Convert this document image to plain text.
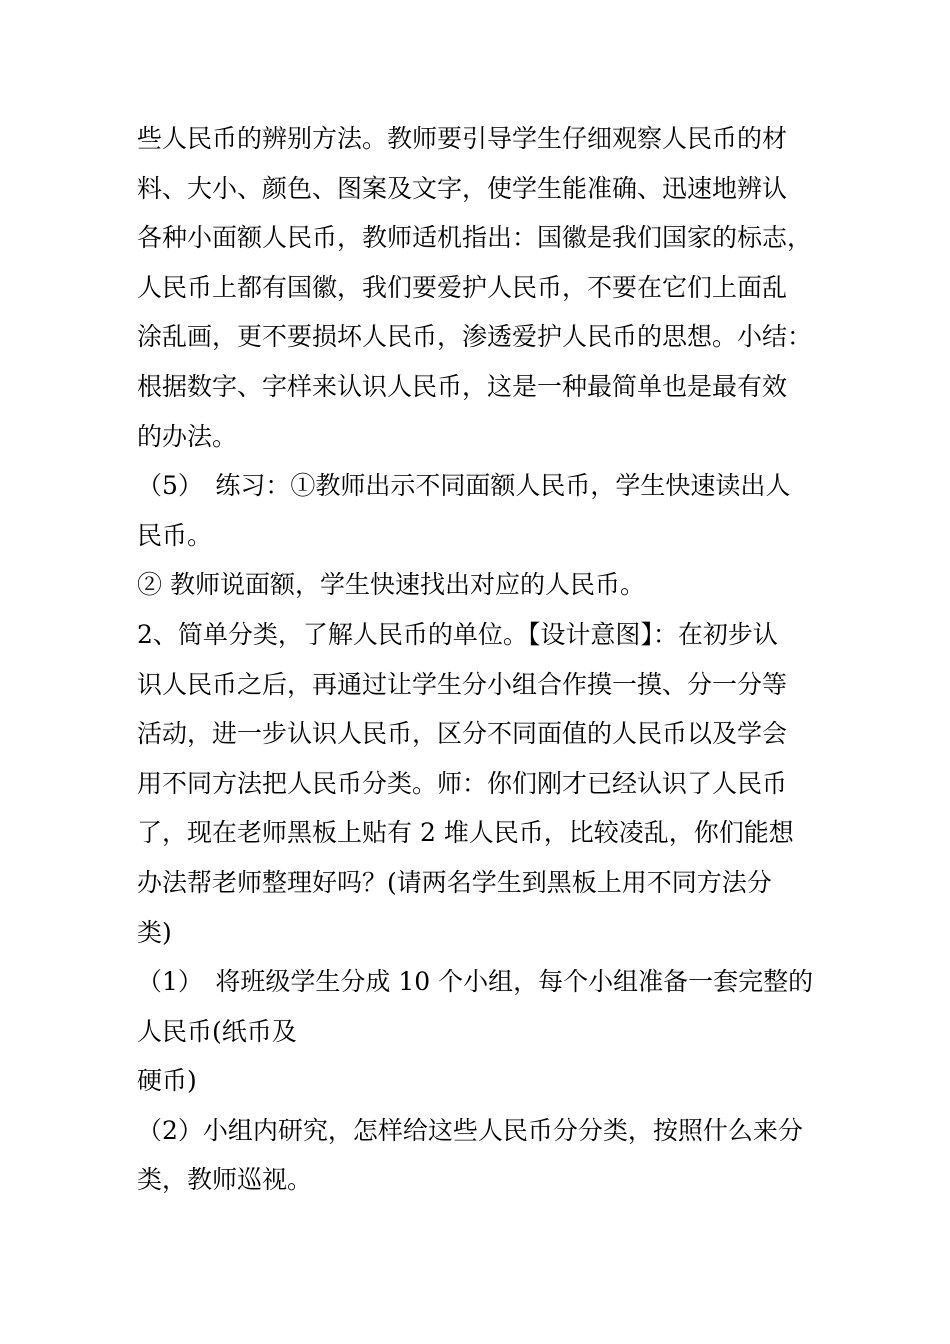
些人民币的辨别方法。教师要引导学生仔细观察人民币的材
料、大小、颜色、图案及文字，使学生能准确、迅速地辨认
各种小面额人民币，教师适机指出：国徽是我们国家的标志，
人民币上都有国徽，我们要爱护人民币，不要在它们上面乱
涂乱画，更不要损坏人民币，渗透爱护人民币的思想。小结：
根据数字、字样来认识人民币，这是一种最简单也是最有效
的办法。
（5）　练习：①教师出示不同面额人民币，学生快速读出人
民币。
② 教师说面额，学生快速找出对应的人民币。
2、简单分类，了解人民币的单位。【设计意图】：在初步认
识人民币之后，再通过让学生分小组合作摸一摸、分一分等
活动，进一步认识人民币，区分不同面值的人民币以及学会
用不同方法把人民币分类。师：你们刚才已经认识了人民币
了，现在老师黑板上贴有 2 堆人民币，比较凌乱，你们能想
办法帮老师整理好吗？(请两名学生到黑板上用不同方法分
类)
（1）　将班级学生分成 10 个小组，每个小组准备一套完整的
人民币(纸币及
硬币)
（2）小组内研究，怎样给这些人民币分分类，按照什么来分
类，教师巡视。
